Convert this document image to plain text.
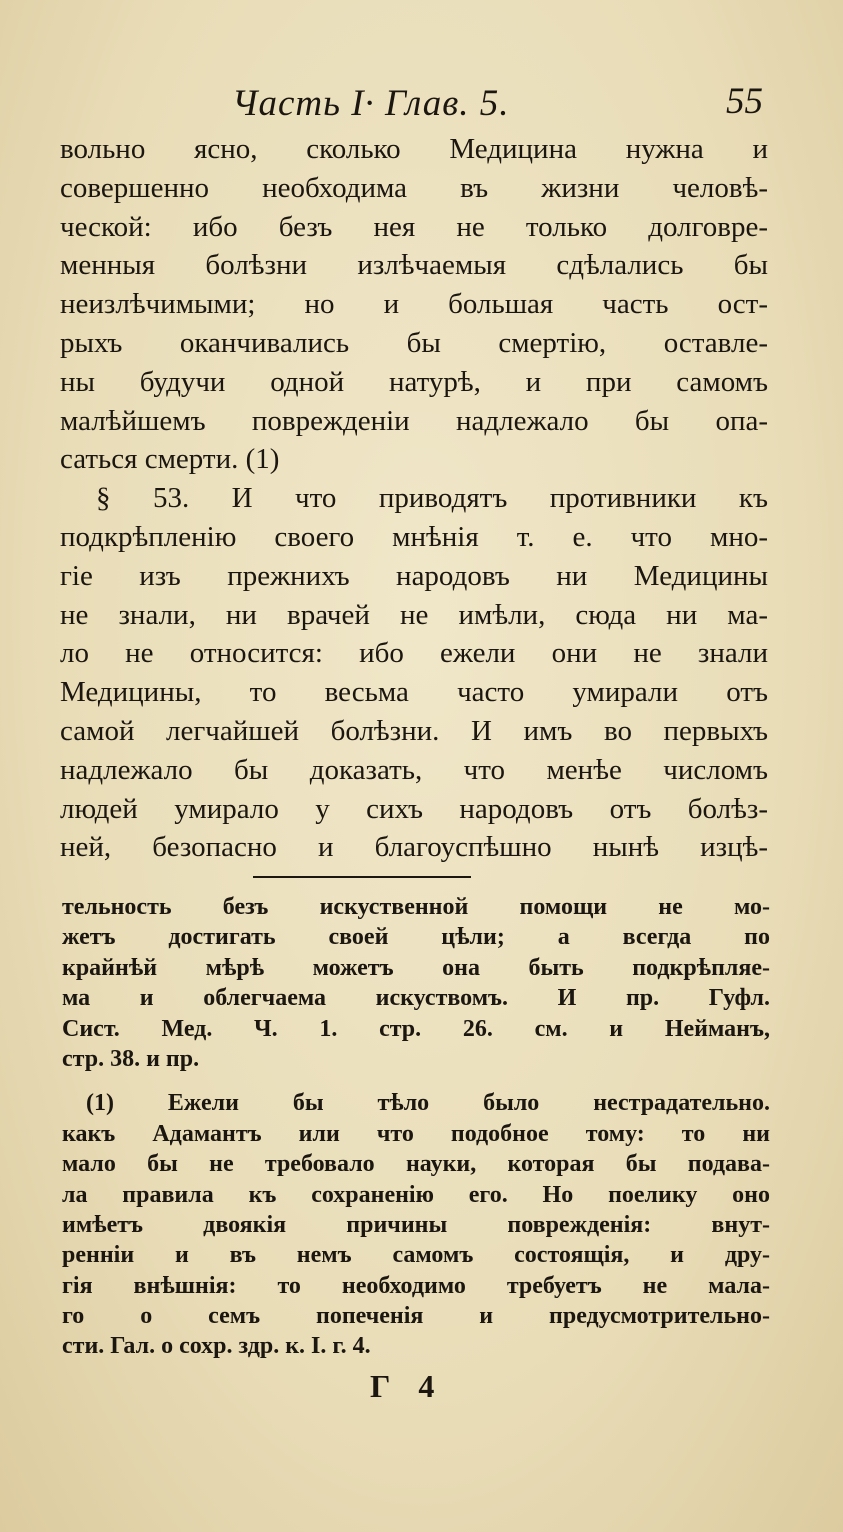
Часть I· Глав. 5.	55
вольно ясно, сколько Медицина нужна и
совершенно необходима въ жизни человѣ-
ческой: ибо безъ нея не только долговре-
менныя болѣзни излѣчаемыя сдѣлались бы
неизлѣчимыми; но и большая часть ост-
рыхъ оканчивались бы смертію, оставле-
ны будучи одной натурѣ, и при самомъ
малѣйшемъ поврежденіи надлежало бы опа-
саться смерти. (1)
§ 53. И что приводятъ противники къ
подкрѣпленію своего мнѣнія т. е. что мно-
гіе изъ прежнихъ народовъ ни Медицины
не знали, ни врачей не имѣли, сюда ни ма-
ло не относится: ибо ежели они не знали
Медицины, то весьма часто умирали отъ
самой легчайшей болѣзни. И имъ во первыхъ
надлежало бы доказать, что менѣе числомъ
людей умирало у сихъ народовъ отъ болѣз-
ней, безопасно и благоуспѣшно нынѣ изцѣ-
тельность безъ искуственной помощи не мо-
жетъ достигать своей цѣли; а всегда по
крайнѣй мѣрѣ можетъ она быть подкрѣпляе-
ма и облегчаема искуствомъ. И пр. Гуфл.
Сист. Мед. Ч. 1. стр. 26. см. и Нейманъ,
стр. 38. и пр.
(1) Ежели бы тѣло было нестрадательно.
какъ Адамантъ или что подобное тому: то ни
мало бы не требовало науки, которая бы подава-
ла правила къ сохраненію его. Но поелику оно
имѣетъ двоякія причины поврежденія: внут-
ренніи и въ немъ самомъ состоящія, и дру-
гія внѣшнія: то необходимо требуетъ не мала-
го о семъ попеченія и предусмотрительно-
сти. Гал. о сохр. здр. к. I. г. 4.
Г 4
